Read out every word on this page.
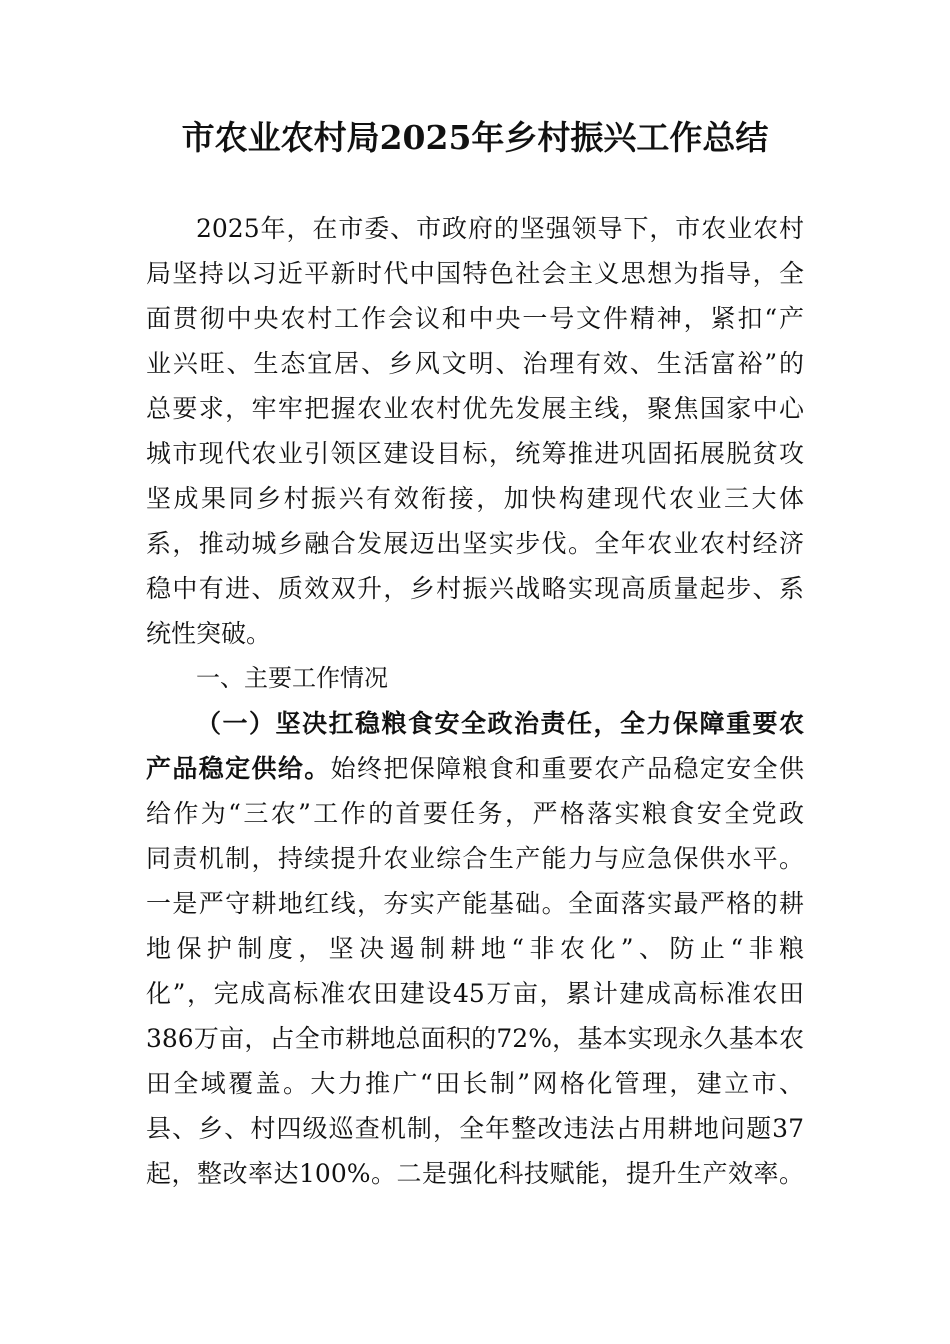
市农业农村局2025年乡村振兴工作总结
2025年，在市委、市政府的坚强领导下，市农业农村
局坚持以习近平新时代中国特色社会主义思想为指导，全
面贯彻中央农村工作会议和中央一号文件精神，紧扣“产
业兴旺、生态宜居、乡风文明、治理有效、生活富裕”的
总要求，牢牢把握农业农村优先发展主线，聚焦国家中心
城市现代农业引领区建设目标，统筹推进巩固拓展脱贫攻
坚成果同乡村振兴有效衔接，加快构建现代农业三大体
系，推动城乡融合发展迈出坚实步伐。全年农业农村经济
稳中有进、质效双升，乡村振兴战略实现高质量起步、系
统性突破。
一、主要工作情况
（一）坚决扛稳粮食安全政治责任，全力保障重要农
产品稳定供给。始终把保障粮食和重要农产品稳定安全供
给作为“三农”工作的首要任务，严格落实粮食安全党政
同责机制，持续提升农业综合生产能力与应急保供水平。
一是严守耕地红线，夯实产能基础。全面落实最严格的耕
地保护制度，坚决遏制耕地“非农化”、防止“非粮
化”，完成高标准农田建设45万亩，累计建成高标准农田
386万亩，占全市耕地总面积的72%，基本实现永久基本农
田全域覆盖。大力推广“田长制”网格化管理，建立市、
县、乡、村四级巡查机制，全年整改违法占用耕地问题37
起，整改率达100%。二是强化科技赋能，提升生产效率。
